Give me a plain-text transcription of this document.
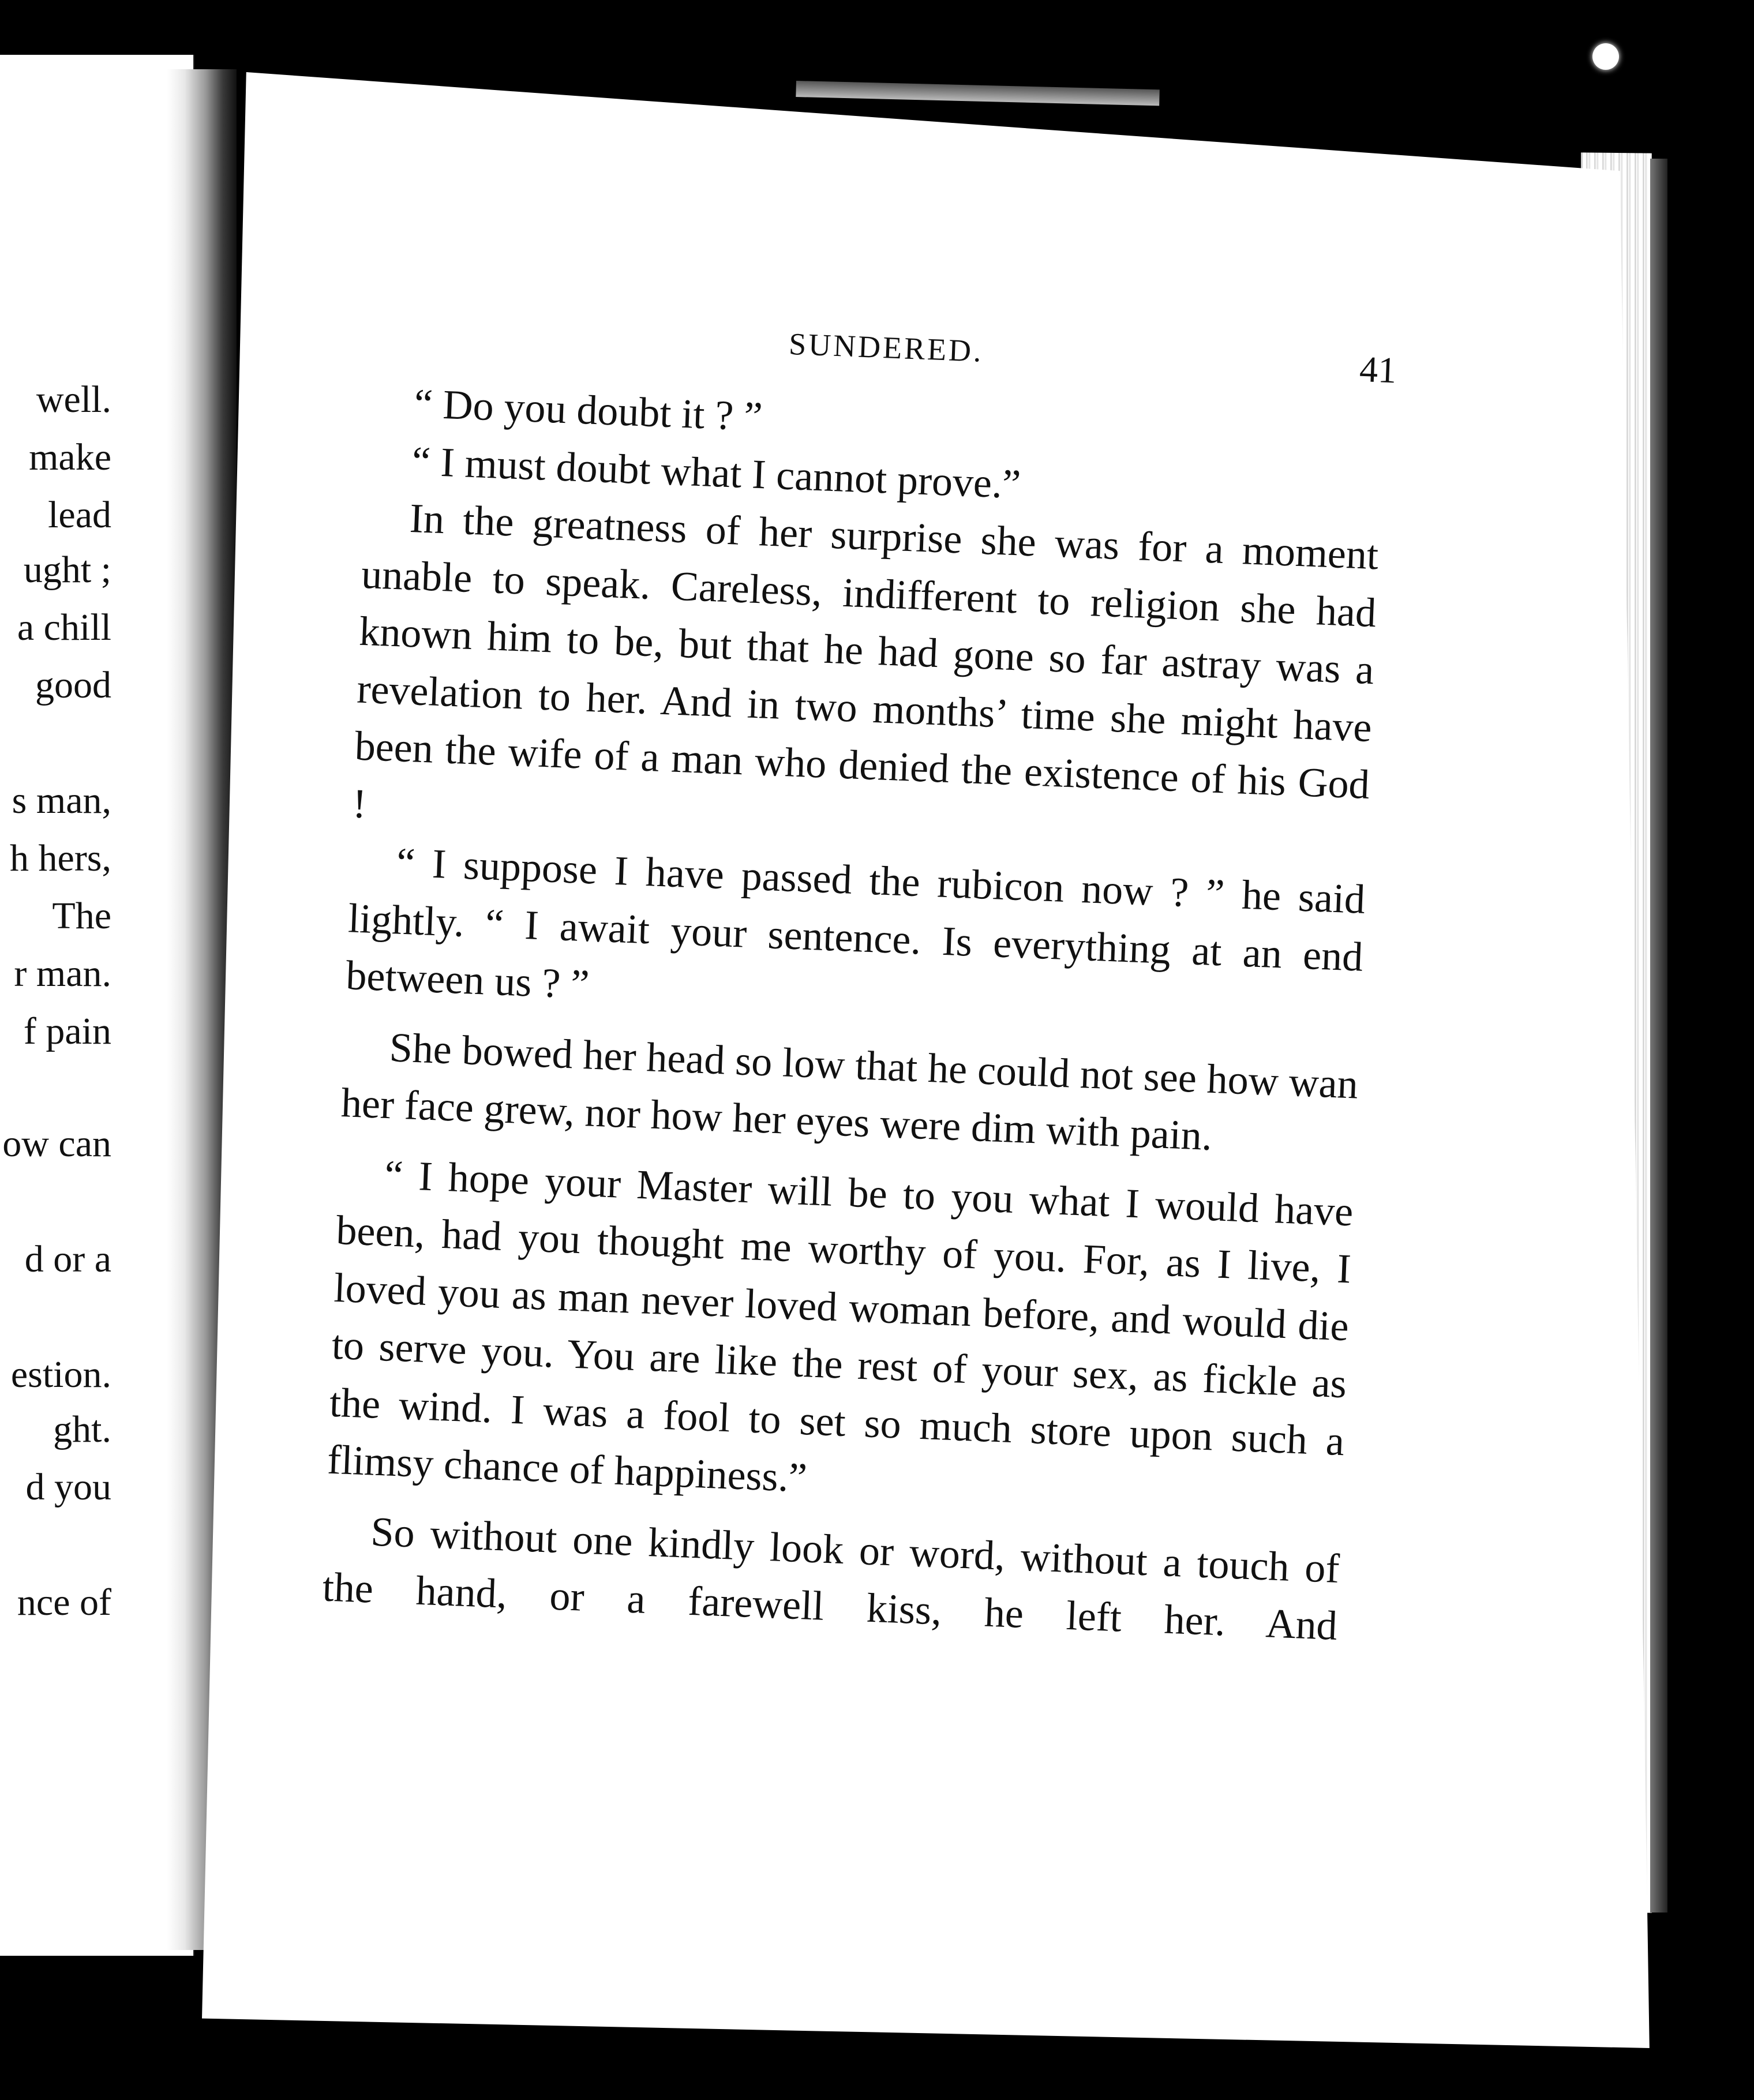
well.
make
lead
ught ;
a chill
good
s man,
h hers,
The
r man.
f pain
ow can
d or a
estion.
ght.
d you
nce of
SUNDERED.
41

“ Do you doubt it ? ”

“ I must doubt what I cannot prove.”

In the greatness of her surprise she was for a moment unable to speak. Careless, indifferent to religion she had known him to be, but that he had gone so far astray was a revelation to her. And in two months’ time she might have been the wife of a man who denied the existence of his God !

“ I suppose I have passed the rubicon now ? ” he said lightly. “ I await your sentence. Is everything at an end between us ? ”

She bowed her head so low that he could not see how wan her face grew, nor how her eyes were dim with pain.

“ I hope your Master will be to you what I would have been, had you thought me worthy of you. For, as I live, I loved you as man never loved woman before, and would die to serve you. You are like the rest of your sex, as fickle as the wind. I was a fool to set so much store upon such a flimsy chance of happiness.”

So without one kindly look or word, without a touch of the hand, or a farewell kiss, he left her. And
